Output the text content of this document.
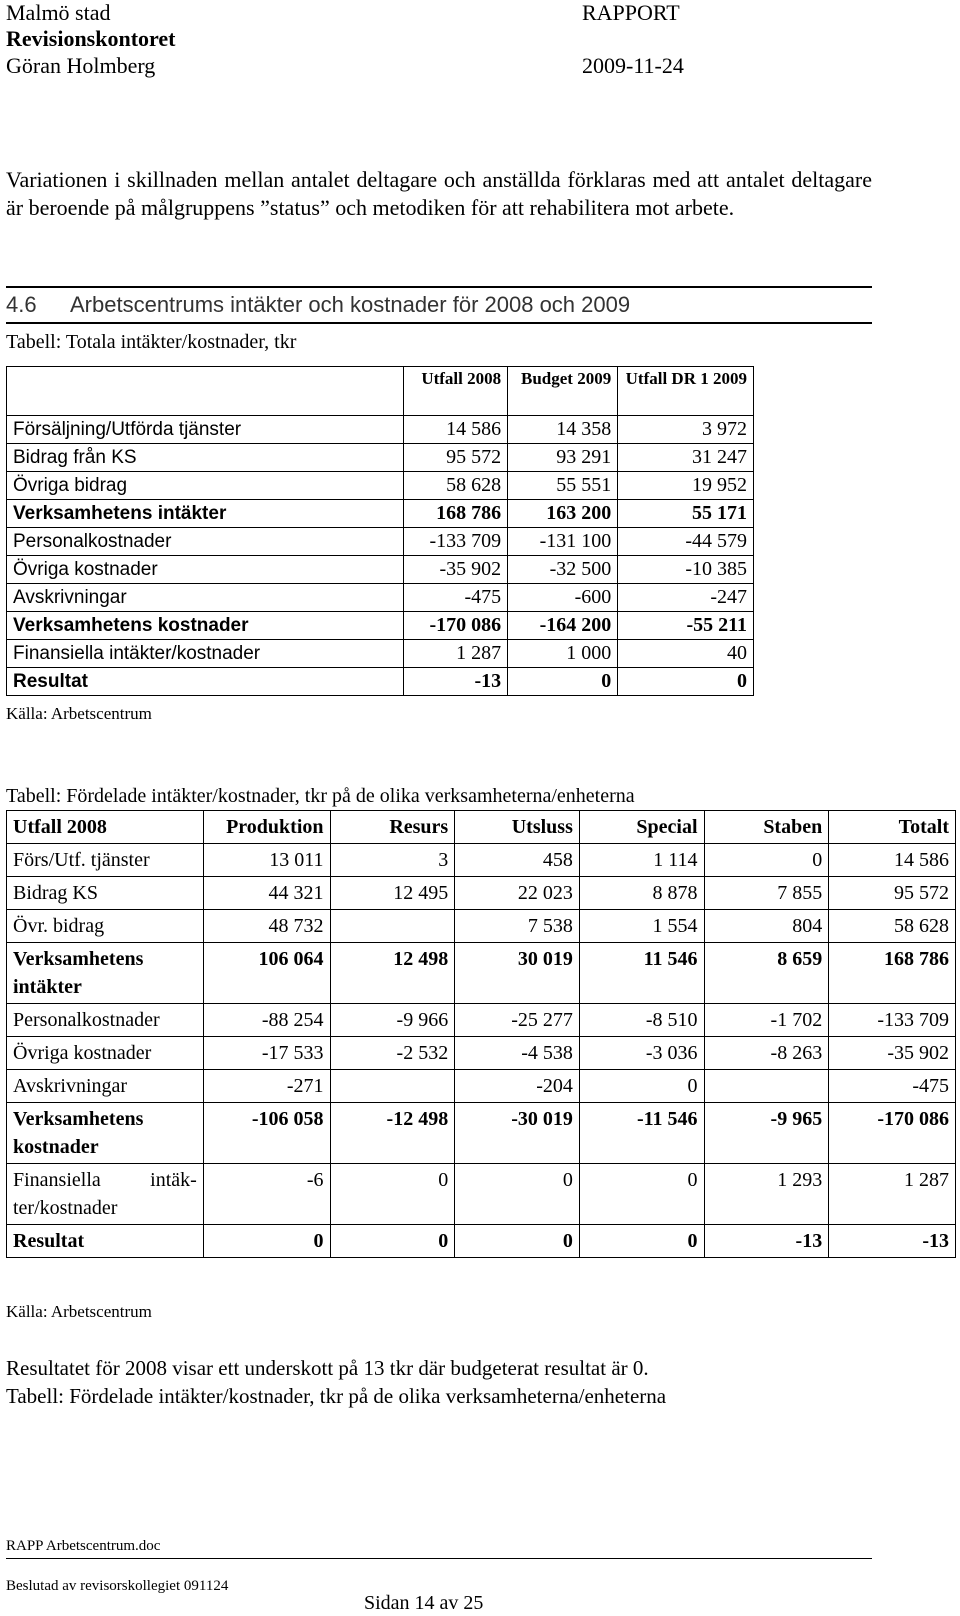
Malmö stad
Revisionskontoret
Göran Holmberg
RAPPORT
2009-11-24
Variationen i skillnaden mellan antalet deltagare och anställda förklaras med att antalet deltagare är beroende på målgruppens ”status” och metodiken för att rehabilitera mot arbete.
4.6 Arbetscentrums intäkter och kostnader för 2008 och 2009
Tabell: Totala intäkter/kostnader, tkr
	Utfall 2008	Budget 2009	Utfall DR 1 2009
Försäljning/Utförda tjänster	14 586	14 358	3 972
Bidrag från KS	95 572	93 291	31 247
Övriga bidrag	58 628	55 551	19 952
Verksamhetens intäkter	168 786	163 200	55 171
Personalkostnader	-133 709	-131 100	-44 579
Övriga kostnader	-35 902	-32 500	-10 385
Avskrivningar	-475	-600	-247
Verksamhetens kostnader	-170 086	-164 200	-55 211
Finansiella intäkter/kostnader	1 287	1 000	40
Resultat	-13	0	0
Källa: Arbetscentrum
Tabell: Fördelade intäkter/kostnader, tkr på de olika verksamheterna/enheterna
Utfall 2008	Produktion	Resurs	Utsluss	Special	Staben	Totalt
Förs/Utf. tjänster	13 011	3	458	1 114	0	14 586
Bidrag KS	44 321	12 495	22 023	8 878	7 855	95 572
Övr. bidrag	48 732		7 538	1 554	804	58 628
Verksamhetens intäkter	106 064	12 498	30 019	11 546	8 659	168 786
Personalkostnader	-88 254	-9 966	-25 277	-8 510	-1 702	-133 709
Övriga kostnader	-17 533	-2 532	-4 538	-3 036	-8 263	-35 902
Avskrivningar	-271		-204	0		-475
Verksamhetens kostnader	-106 058	-12 498	-30 019	-11 546	-9 965	-170 086
Finansiella intäk-ter/kostnader	-6	0	0	0	1 293	1 287
Resultat	0	0	0	0	-13	-13
Källa: Arbetscentrum
Resultatet för 2008 visar ett underskott på 13 tkr där budgeterat resultat är 0.
Tabell: Fördelade intäkter/kostnader, tkr på de olika verksamheterna/enheterna
RAPP Arbetscentrum.doc
Beslutad av revisorskollegiet 091124
Sidan 14 av 25
